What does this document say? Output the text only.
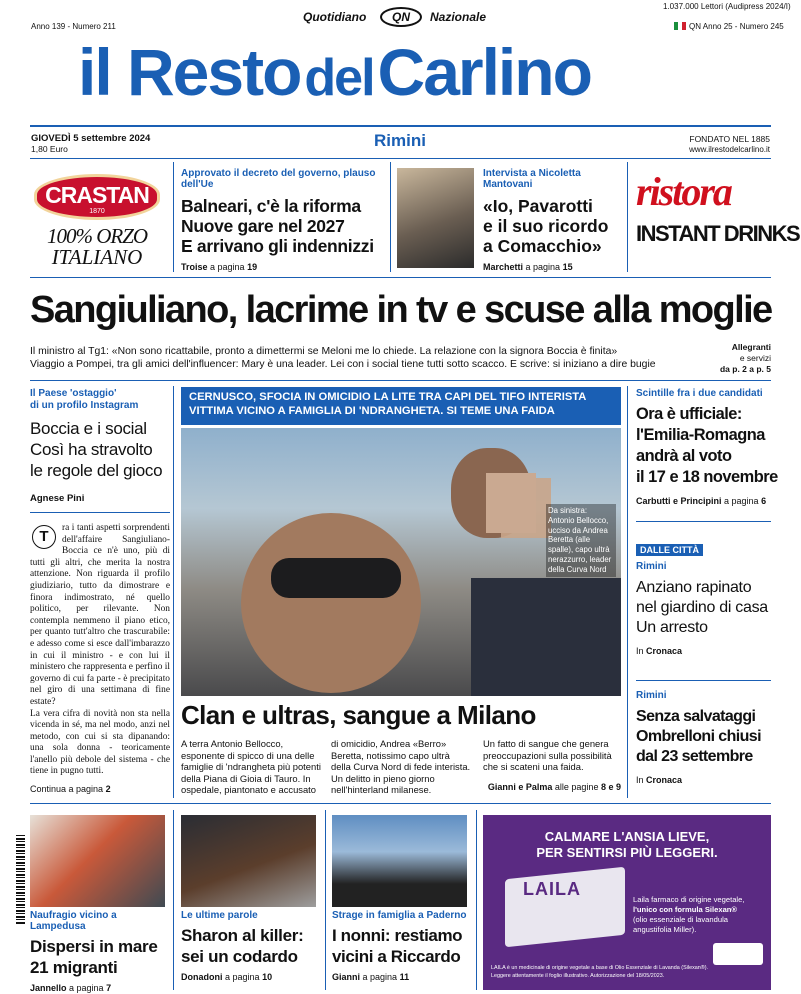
1.037.000 Lettori (Audipress 2024/I)
Anno 139 - Numero 211
Quotidiano	QN	Nazionale
QN Anno 25 - Numero 245
il RestodelCarlino
GIOVEDÌ 5 settembre 2024
1,80 Euro	Rimini	FONDATO NEL 1885
www.ilrestodelcarlino.it
CRASTAN
1870
100% ORZO
ITALIANO
Approvato il decreto del governo, plauso dell'Ue
Balneari, c'è la riforma
Nuove gare nel 2027
E arrivano gli indennizzi
Troise a pagina 19
Intervista a Nicoletta Mantovani
«Io, Pavarotti
e il suo ricordo
a Comacchio»
Marchetti a pagina 15
ristora
INSTANT DRINKS
Sangiuliano, lacrime in tv e scuse alla moglie
Il ministro al Tg1: «Non sono ricattabile, pronto a dimettermi se Meloni me lo chiede. La relazione con la signora Boccia è finita»
Viaggio a Pompei, tra gli amici dell'influencer: Mary è una leader. Lei con i social tiene tutti sotto scacco. E scrive: si iniziano a dire bugie
Allegranti
e servizi
da p. 2 a p. 5
Il Paese 'ostaggio'
di un profilo Instagram
Boccia e i social
Così ha stravolto
le regole del gioco
Agnese Pini
T	ra i tanti aspetti sorprendenti dell'affaire Sangiuliano-Boccia ce n'è uno, più di tutti gli altri, che merita la nostra attenzione. Non riguarda il profilo giudiziario, tutto da dimostrare e finora indimostrato, né quello politico, per rilevante. Non contempla nemmeno il piano etico, per quanto tutt'altro che trascurabile: e adesso come si esce dall'imbarazzo in cui il ministro - e con lui il ministero che rappresenta e perfino il governo di cui fa parte - è precipitato nel giro di una settimana di fine estate?

La vera cifra di novità non sta nella vicenda in sé, ma nel modo, anzi nel metodo, con cui si sta dipanando: una sola donna - teoricamente l'anello più debole del sistema - che tiene in pugno tutti.

Continua a pagina 2
CERNUSCO, SFOCIA IN OMICIDIO LA LITE TRA CAPI DEL TIFO INTERISTA
VITTIMA VICINO A FAMIGLIA DI 'NDRANGHETA. SI TEME UNA FAIDA
Da sinistra: Antonio Bellocco, ucciso da Andrea Beretta (alle spalle), capo ultrà nerazzurro, leader della Curva Nord
Clan e ultras, sangue a Milano

A terra Antonio Bellocco, esponente di spicco di una delle famiglie di 'ndrangheta più potenti della Piana di Gioia di Tauro. In ospedale, piantonato e accusato

di omicidio, Andrea «Berro» Beretta, notissimo capo ultrà della Curva Nord di fede interista. Un delitto in pieno giorno nell'hinterland milanese.

Un fatto di sangue che genera preoccupazioni sulla possibilità che si scateni una faida.

Gianni e Palma alle pagine 8 e 9
Scintille fra i due candidati
Ora è ufficiale:
l'Emilia-Romagna
andrà al voto
il 17 e 18 novembre
Carbutti e Principini a pagina 6
DALLE CITTÀ
Rimini
Anziano rapinato
nel giardino di casa
Un arresto
In Cronaca
Rimini
Senza salvataggi
Ombrelloni chiusi
dal 23 settembre
In Cronaca
Naufragio vicino a Lampedusa
Dispersi in mare
21 migranti
Jannello a pagina 7
Le ultime parole
Sharon al killer:
sei un codardo
Donadoni a pagina 10
Strage in famiglia a Paderno
I nonni: restiamo
vicini a Riccardo
Gianni a pagina 11
CALMARE L'ANSIA LIEVE,
PER SENTIRSI PIÙ LEGGERI.
LAILA
Laila farmaco di origine vegetale,
l'unico con formula Silexan®
(olio essenziale di lavandula
angustifolia Miller).
LAILA è un medicinale di origine vegetale a base di Olio Essenziale di Lavanda (Silexan®).
Leggere attentamente il foglio illustrativo. Autorizzazione del 18/05/2023.
